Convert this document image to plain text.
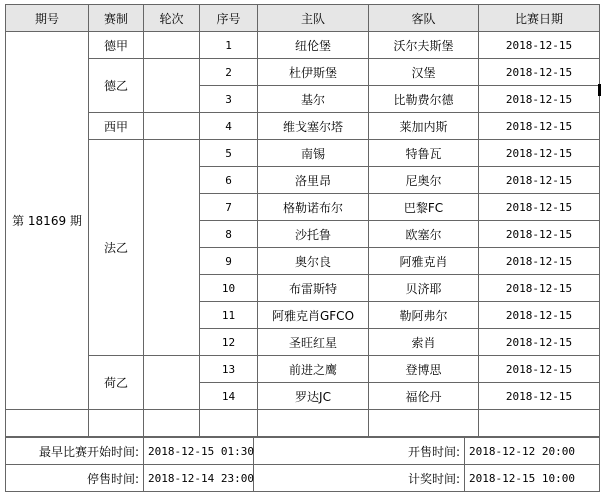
期号	赛制	轮次	序号	主队	客队	比赛日期
第 18169 期	德甲		1	纽伦堡	沃尔夫斯堡	2018-12-15
	德乙		2	杜伊斯堡	汉堡	2018-12-15
			3	基尔	比勒费尔德	2018-12-15
	西甲		4	维戈塞尔塔	莱加内斯	2018-12-15
	法乙		5	南锡	特鲁瓦	2018-12-15
			6	洛里昂	尼奥尔	2018-12-15
			7	格勒诺布尔	巴黎FC	2018-12-15
			8	沙托鲁	欧塞尔	2018-12-15
			9	奥尔良	阿雅克肖	2018-12-15
			10	布雷斯特	贝济耶	2018-12-15
			11	阿雅克肖GFCO	勒阿弗尔	2018-12-15
			12	圣旺红星	索肖	2018-12-15
	荷乙		13	前进之鹰	登博思	2018-12-15
			14	罗达JC	福伦丹	2018-12-15

最早比赛开始时间:	2018-12-15 01:30	开售时间:	2018-12-12 20:00
停售时间:	2018-12-14 23:00	计奖时间:	2018-12-15 10:00
